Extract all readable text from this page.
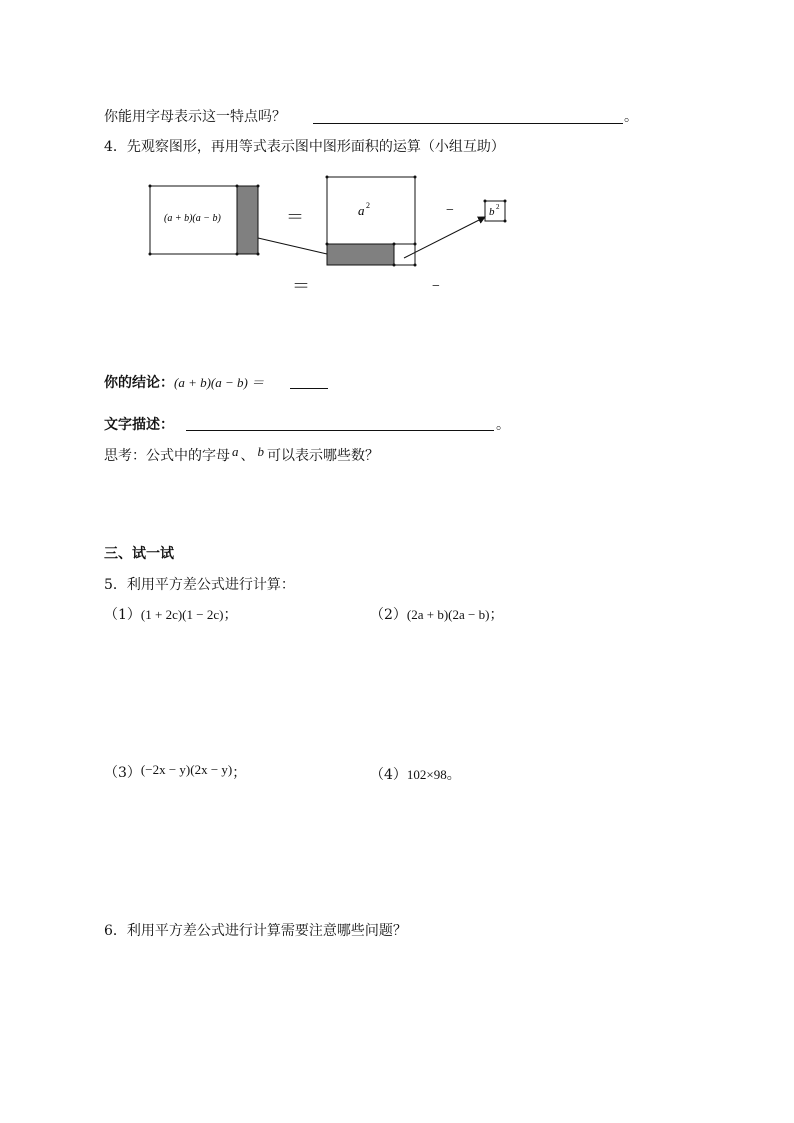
你能用字母表示这一特点吗？	。
4．先观察图形，再用等式表示图中图形面积的运算（小组互助）
(a + b)(a − b)	＝	a 2	−	b 2
＝	−
你的结论：(a + b)(a − b) ＝
文字描述：	。
思考：公式中的字母 a 、 b 可以表示哪些数？
三、试一试
5．利用平方差公式进行计算：
（1）(1 + 2c)(1 − 2c)；	（2）(2a + b)(2a − b)；
（3）(−2x − y)(2x − y)；	（4）102×98。
6．利用平方差公式进行计算需要注意哪些问题？
